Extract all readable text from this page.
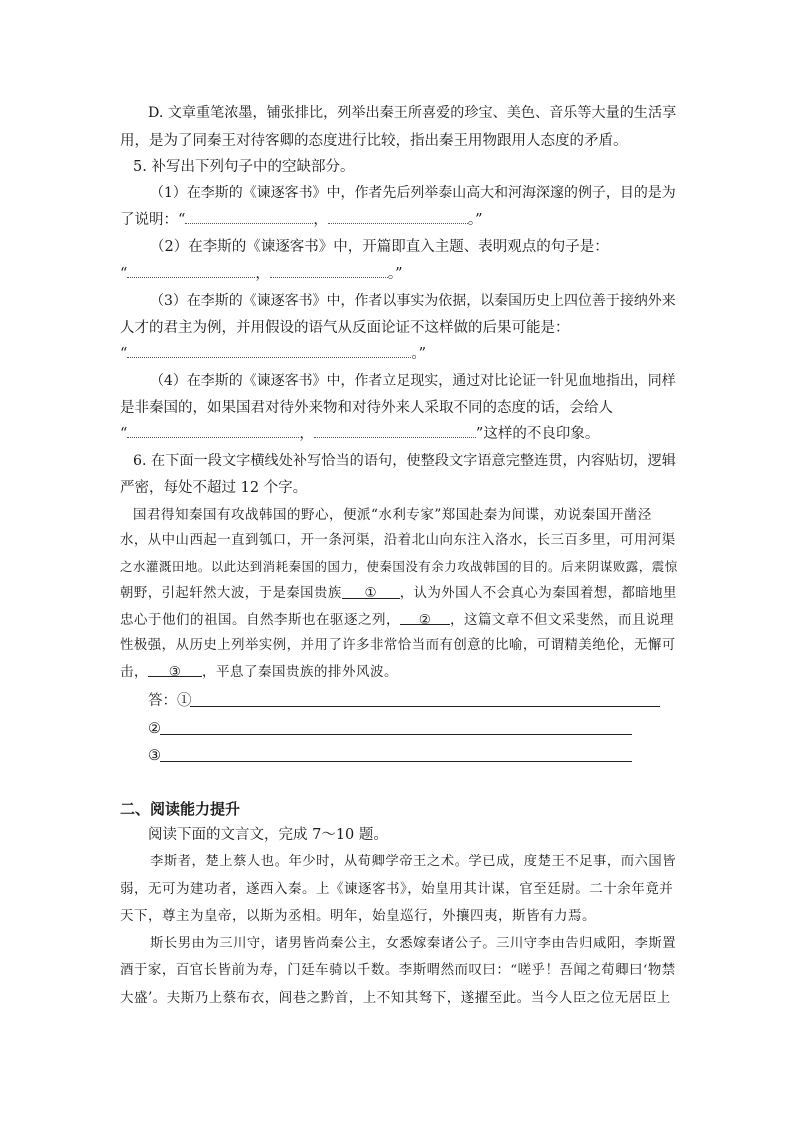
D. 文章重笔浓墨，铺张排比，列举出秦王所喜爱的珍宝、美色、音乐等大量的生活享
用，是为了同秦王对待客卿的态度进行比较，指出秦王用物跟用人态度的矛盾。
5. 补写出下列句子中的空缺部分。
（1）在李斯的《谏逐客书》中，作者先后列举泰山高大和河海深邃的例子，目的是为
了说明：“	，	。”
（2）在李斯的《谏逐客书》中，开篇即直入主题、表明观点的句子是：
“	，	。”
（3）在李斯的《谏逐客书》中，作者以事实为依据，以秦国历史上四位善于接纳外来
人才的君主为例，并用假设的语气从反面论证不这样做的后果可能是：
“	。”
（4）在李斯的《谏逐客书》中，作者立足现实，通过对比论证一针见血地指出，同样
是非秦国的，如果国君对待外来物和对待外来人采取不同的态度的话，会给人
“	，	”这样的不良印象。
6. 在下面一段文字横线处补写恰当的语句，使整段文字语意完整连贯，内容贴切，逻辑
严密，每处不超过 12 个字。
国君得知秦国有攻战韩国的野心，便派“水利专家”郑国赴秦为间谍，劝说秦国开凿泾
水，从中山西起一直到瓠口，开一条河渠，沿着北山向东注入洛水，长三百多里，可用河渠
之水灌溉田地。以此达到消耗秦国的国力，使秦国没有余力攻战韩国的目的。后来阴谋败露，震惊
朝野，引起轩然大波，于是秦国贵族 ① ，认为外国人不会真心为秦国着想，都暗地里
忠心于他们的祖国。自然李斯也在驱逐之列， ② ，这篇文章不但文采斐然，而且说理
性极强，从历史上列举实例，并用了许多非常恰当而有创意的比喻，可谓精美绝伦，无懈可
击， ③ ，平息了秦国贵族的排外风波。
答：①
②
③
二、阅读能力提升
阅读下面的文言文，完成 7～10 题。
李斯者，楚上蔡人也。年少时，从荀卿学帝王之术。学已成，度楚王不足事，而六国皆
弱，无可为建功者，遂西入秦。上《谏逐客书》，始皇用其计谋，官至廷尉。二十余年竟并
天下，尊主为皇帝，以斯为丞相。明年，始皇巡行，外攘四夷，斯皆有力焉。
斯长男由为三川守，诸男皆尚秦公主，女悉嫁秦诸公子。三川守李由告归咸阳，李斯置
酒于家，百官长皆前为寿，门廷车骑以千数。李斯喟然而叹曰：“嗟乎！吾闻之荀卿曰‘物禁
大盛’。夫斯乃上蔡布衣，闾巷之黔首，上不知其驽下，遂擢至此。当今人臣之位无居臣上
